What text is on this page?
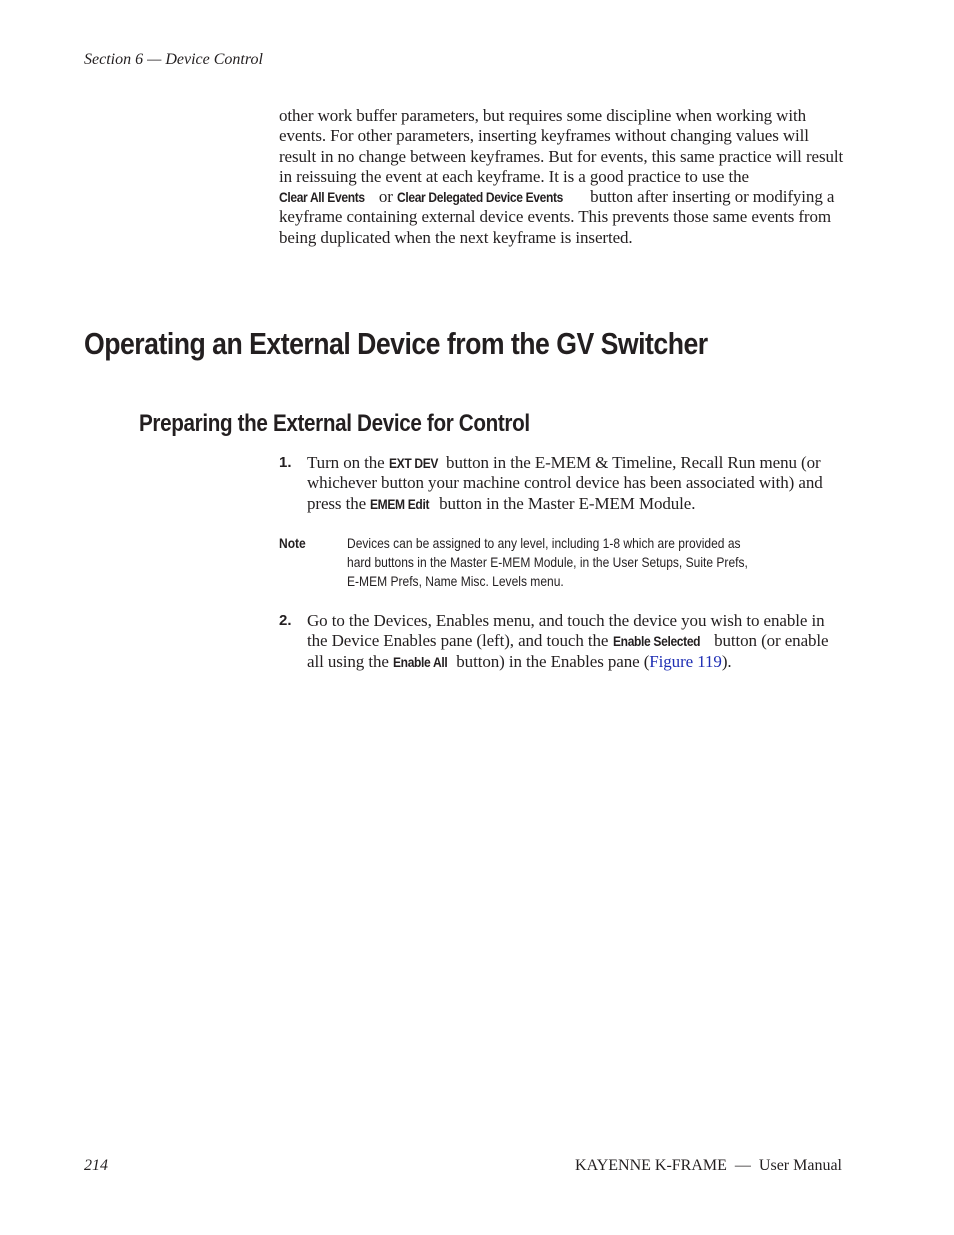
Section 6 — Device Control
other work buffer parameters, but requires some discipline when working with events. For other parameters, inserting keyframes without changing values will result in no change between keyframes. But for events, this same practice will result in reissuing the event at each keyframe. It is a good practice to use the Clear All Events or Clear Delegated Device Events button after inserting or modifying a keyframe containing external device events. This prevents those same events from being duplicated when the next keyframe is inserted.
Operating an External Device from the GV Switcher
Preparing the External Device for Control
1. Turn on the EXT DEV button in the E-MEM & Timeline, Recall Run menu (or whichever button your machine control device has been associated with) and press the EMEM Edit button in the Master E-MEM Module.
Note	Devices can be assigned to any level, including 1-8 which are provided as
hard buttons in the Master E-MEM Module, in the User Setups, Suite Prefs,
E-MEM Prefs, Name Misc. Levels menu.
2. Go to the Devices, Enables menu, and touch the device you wish to enable in the Device Enables pane (left), and touch the Enable Selected button (or enable all using the Enable All button) in the Enables pane (Figure 119).
214	KAYENNE K-FRAME  —  User Manual
